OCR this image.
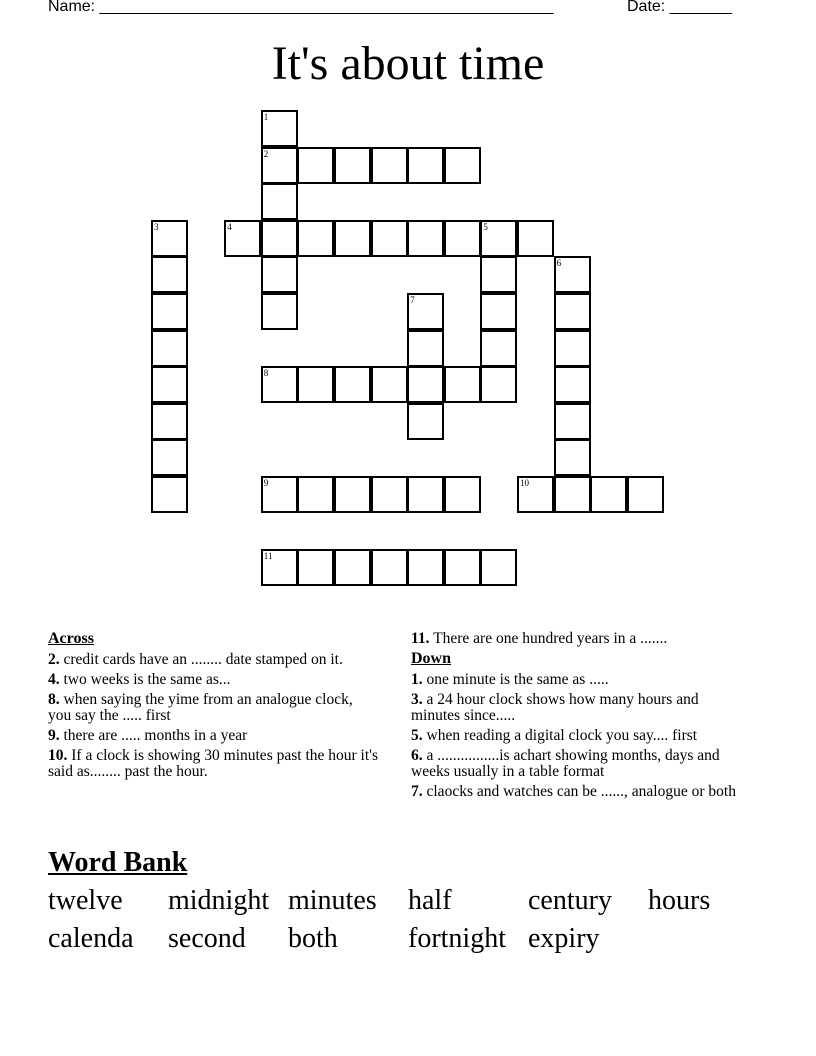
Name: ___________________________________________________	Date: _______
It's about time
1
2
3	4	5
6
7
8
9	10
11
Across
2. credit cards have an ........ date stamped on it.
4. two weeks is the same as...
8. when saying the yime from an analogue clock, you say the ..... first
9. there are ..... months in a year
10. If a clock is showing 30 minutes past the hour it's said as........ past the hour.
11. There are one hundred years in a .......
Down
1. one minute is the same as .....
3. a 24 hour clock shows how many hours and minutes since.....
5. when reading a digital clock you say.... first
6. a ................is achart showing months, days and weeks usually in a table format
7. claocks and watches can be ......, analogue or both
Word Bank
twelve midnight minutes half	century hours
calenda second both	fortnight expiry
